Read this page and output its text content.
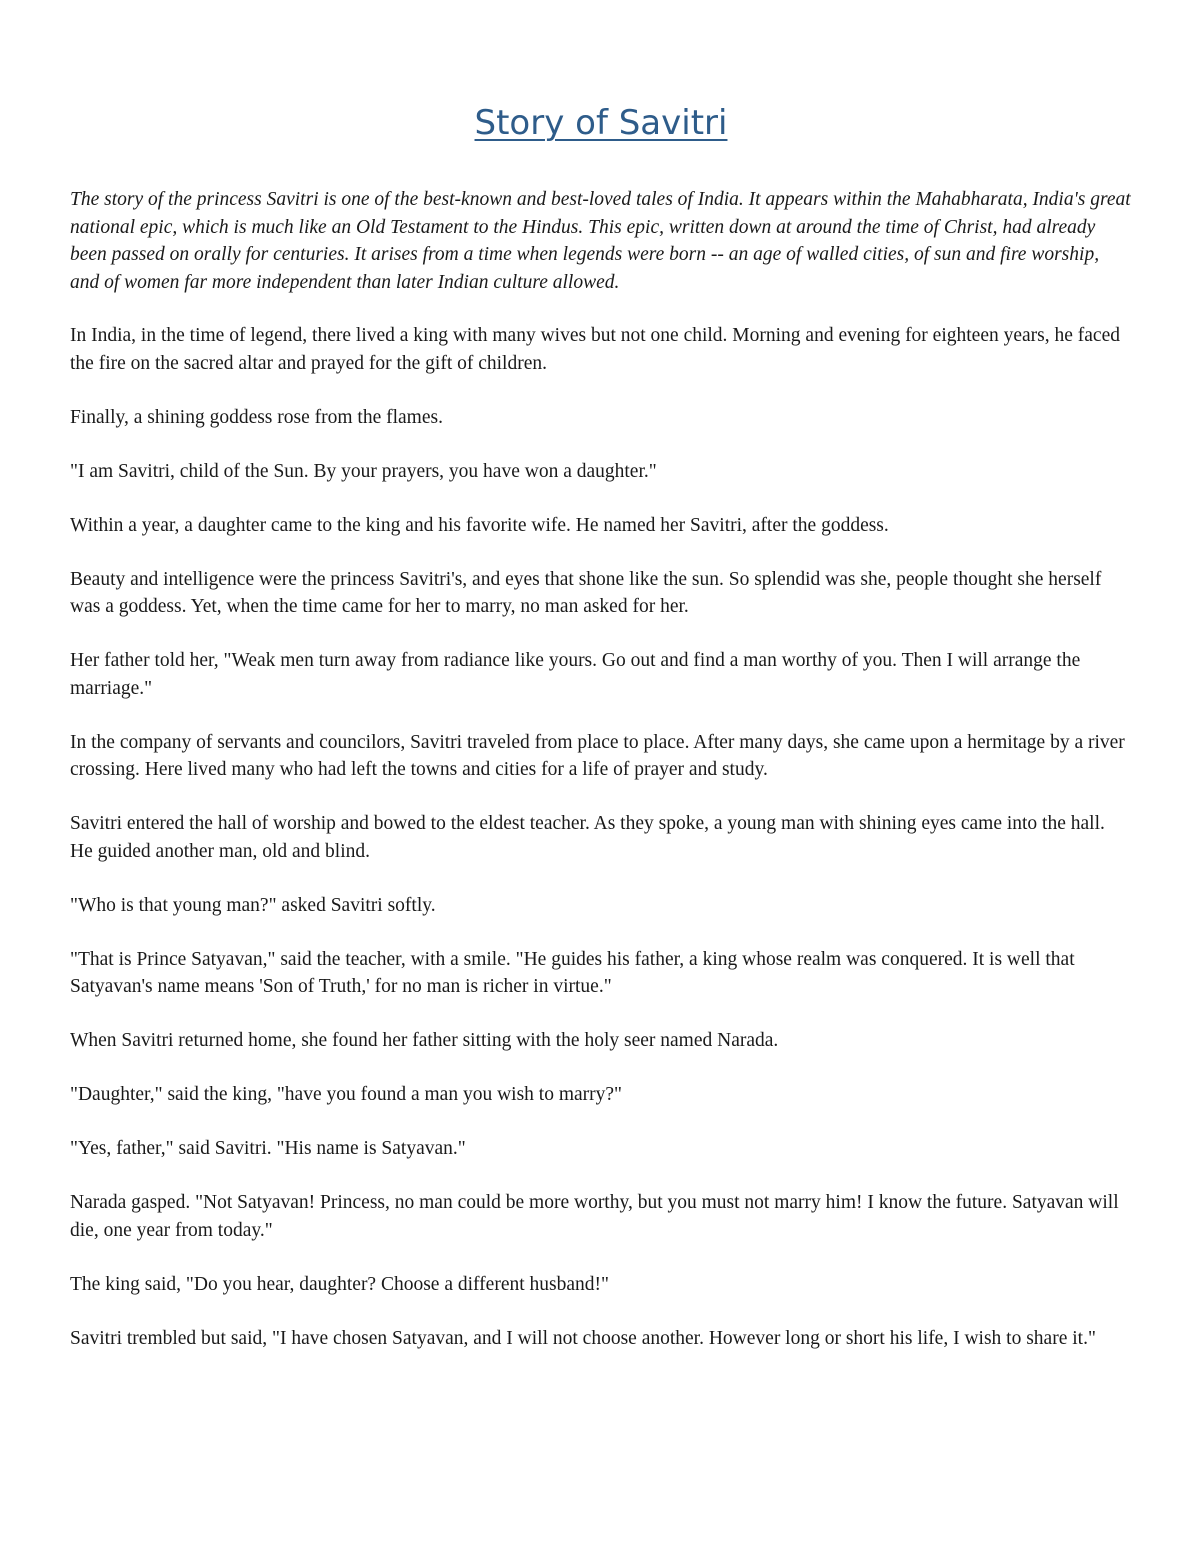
Story of Savitri

The story of the princess Savitri is one of the best-known and best-loved tales of India. It appears within the Mahabharata, India's great national epic, which is much like an Old Testament to the Hindus. This epic, written down at around the time of Christ, had already been passed on orally for centuries. It arises from a time when legends were born -- an age of walled cities, of sun and fire worship, and of women far more independent than later Indian culture allowed.

In India, in the time of legend, there lived a king with many wives but not one child. Morning and evening for eighteen years, he faced the fire on the sacred altar and prayed for the gift of children.

Finally, a shining goddess rose from the flames.

"I am Savitri, child of the Sun. By your prayers, you have won a daughter."

Within a year, a daughter came to the king and his favorite wife. He named her Savitri, after the goddess.

Beauty and intelligence were the princess Savitri's, and eyes that shone like the sun. So splendid was she, people thought she herself was a goddess. Yet, when the time came for her to marry, no man asked for her.

Her father told her, "Weak men turn away from radiance like yours. Go out and find a man worthy of you. Then I will arrange the marriage."

In the company of servants and councilors, Savitri traveled from place to place. After many days, she came upon a hermitage by a river crossing. Here lived many who had left the towns and cities for a life of prayer and study.

Savitri entered the hall of worship and bowed to the eldest teacher. As they spoke, a young man with shining eyes came into the hall. He guided another man, old and blind.

"Who is that young man?" asked Savitri softly.

"That is Prince Satyavan," said the teacher, with a smile. "He guides his father, a king whose realm was conquered. It is well that Satyavan's name means 'Son of Truth,' for no man is richer in virtue."

When Savitri returned home, she found her father sitting with the holy seer named Narada.

"Daughter," said the king, "have you found a man you wish to marry?"

"Yes, father," said Savitri. "His name is Satyavan."

Narada gasped. "Not Satyavan! Princess, no man could be more worthy, but you must not marry him! I know the future. Satyavan will die, one year from today."

The king said, "Do you hear, daughter? Choose a different husband!"

Savitri trembled but said, "I have chosen Satyavan, and I will not choose another. However long or short his life, I wish to share it."
